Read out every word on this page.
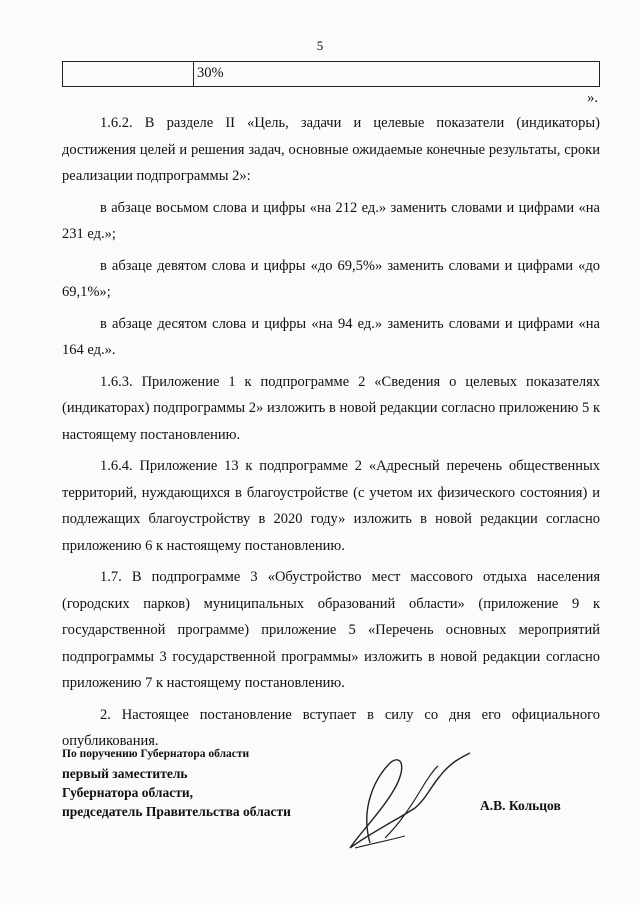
5
30%
».

1.6.2. В разделе II «Цель, задачи и целевые показатели (индикаторы) достижения целей и решения задач, основные ожидаемые конечные результаты, сроки реализации подпрограммы 2»:

в абзаце восьмом слова и цифры «на 212 ед.» заменить словами и цифрами «на 231 ед.»;

в абзаце девятом слова и цифры «до 69,5%» заменить словами и цифрами «до 69,1%»;

в абзаце десятом слова и цифры «на 94 ед.» заменить словами и цифрами «на 164 ед.».

1.6.3. Приложение 1 к подпрограмме 2 «Сведения о целевых показателях (индикаторах) подпрограммы 2» изложить в новой редакции согласно приложению 5 к настоящему постановлению.

1.6.4. Приложение 13 к подпрограмме 2 «Адресный перечень общественных территорий, нуждающихся в благоустройстве (с учетом их физического состояния) и подлежащих благоустройству в 2020 году» изложить в новой редакции согласно приложению 6 к настоящему постановлению.

1.7. В подпрограмме 3 «Обустройство мест массового отдыха населения (городских парков) муниципальных образований области» (приложение 9 к государственной программе) приложение 5 «Перечень основных мероприятий подпрограммы 3 государственной программы» изложить в новой редакции согласно приложению 7 к настоящему постановлению.

2. Настоящее постановление вступает в силу со дня его официального опубликования.

По поручению Губернатора области
первый заместитель
Губернатора области,
председатель Правительства области	А.В. Кольцов
